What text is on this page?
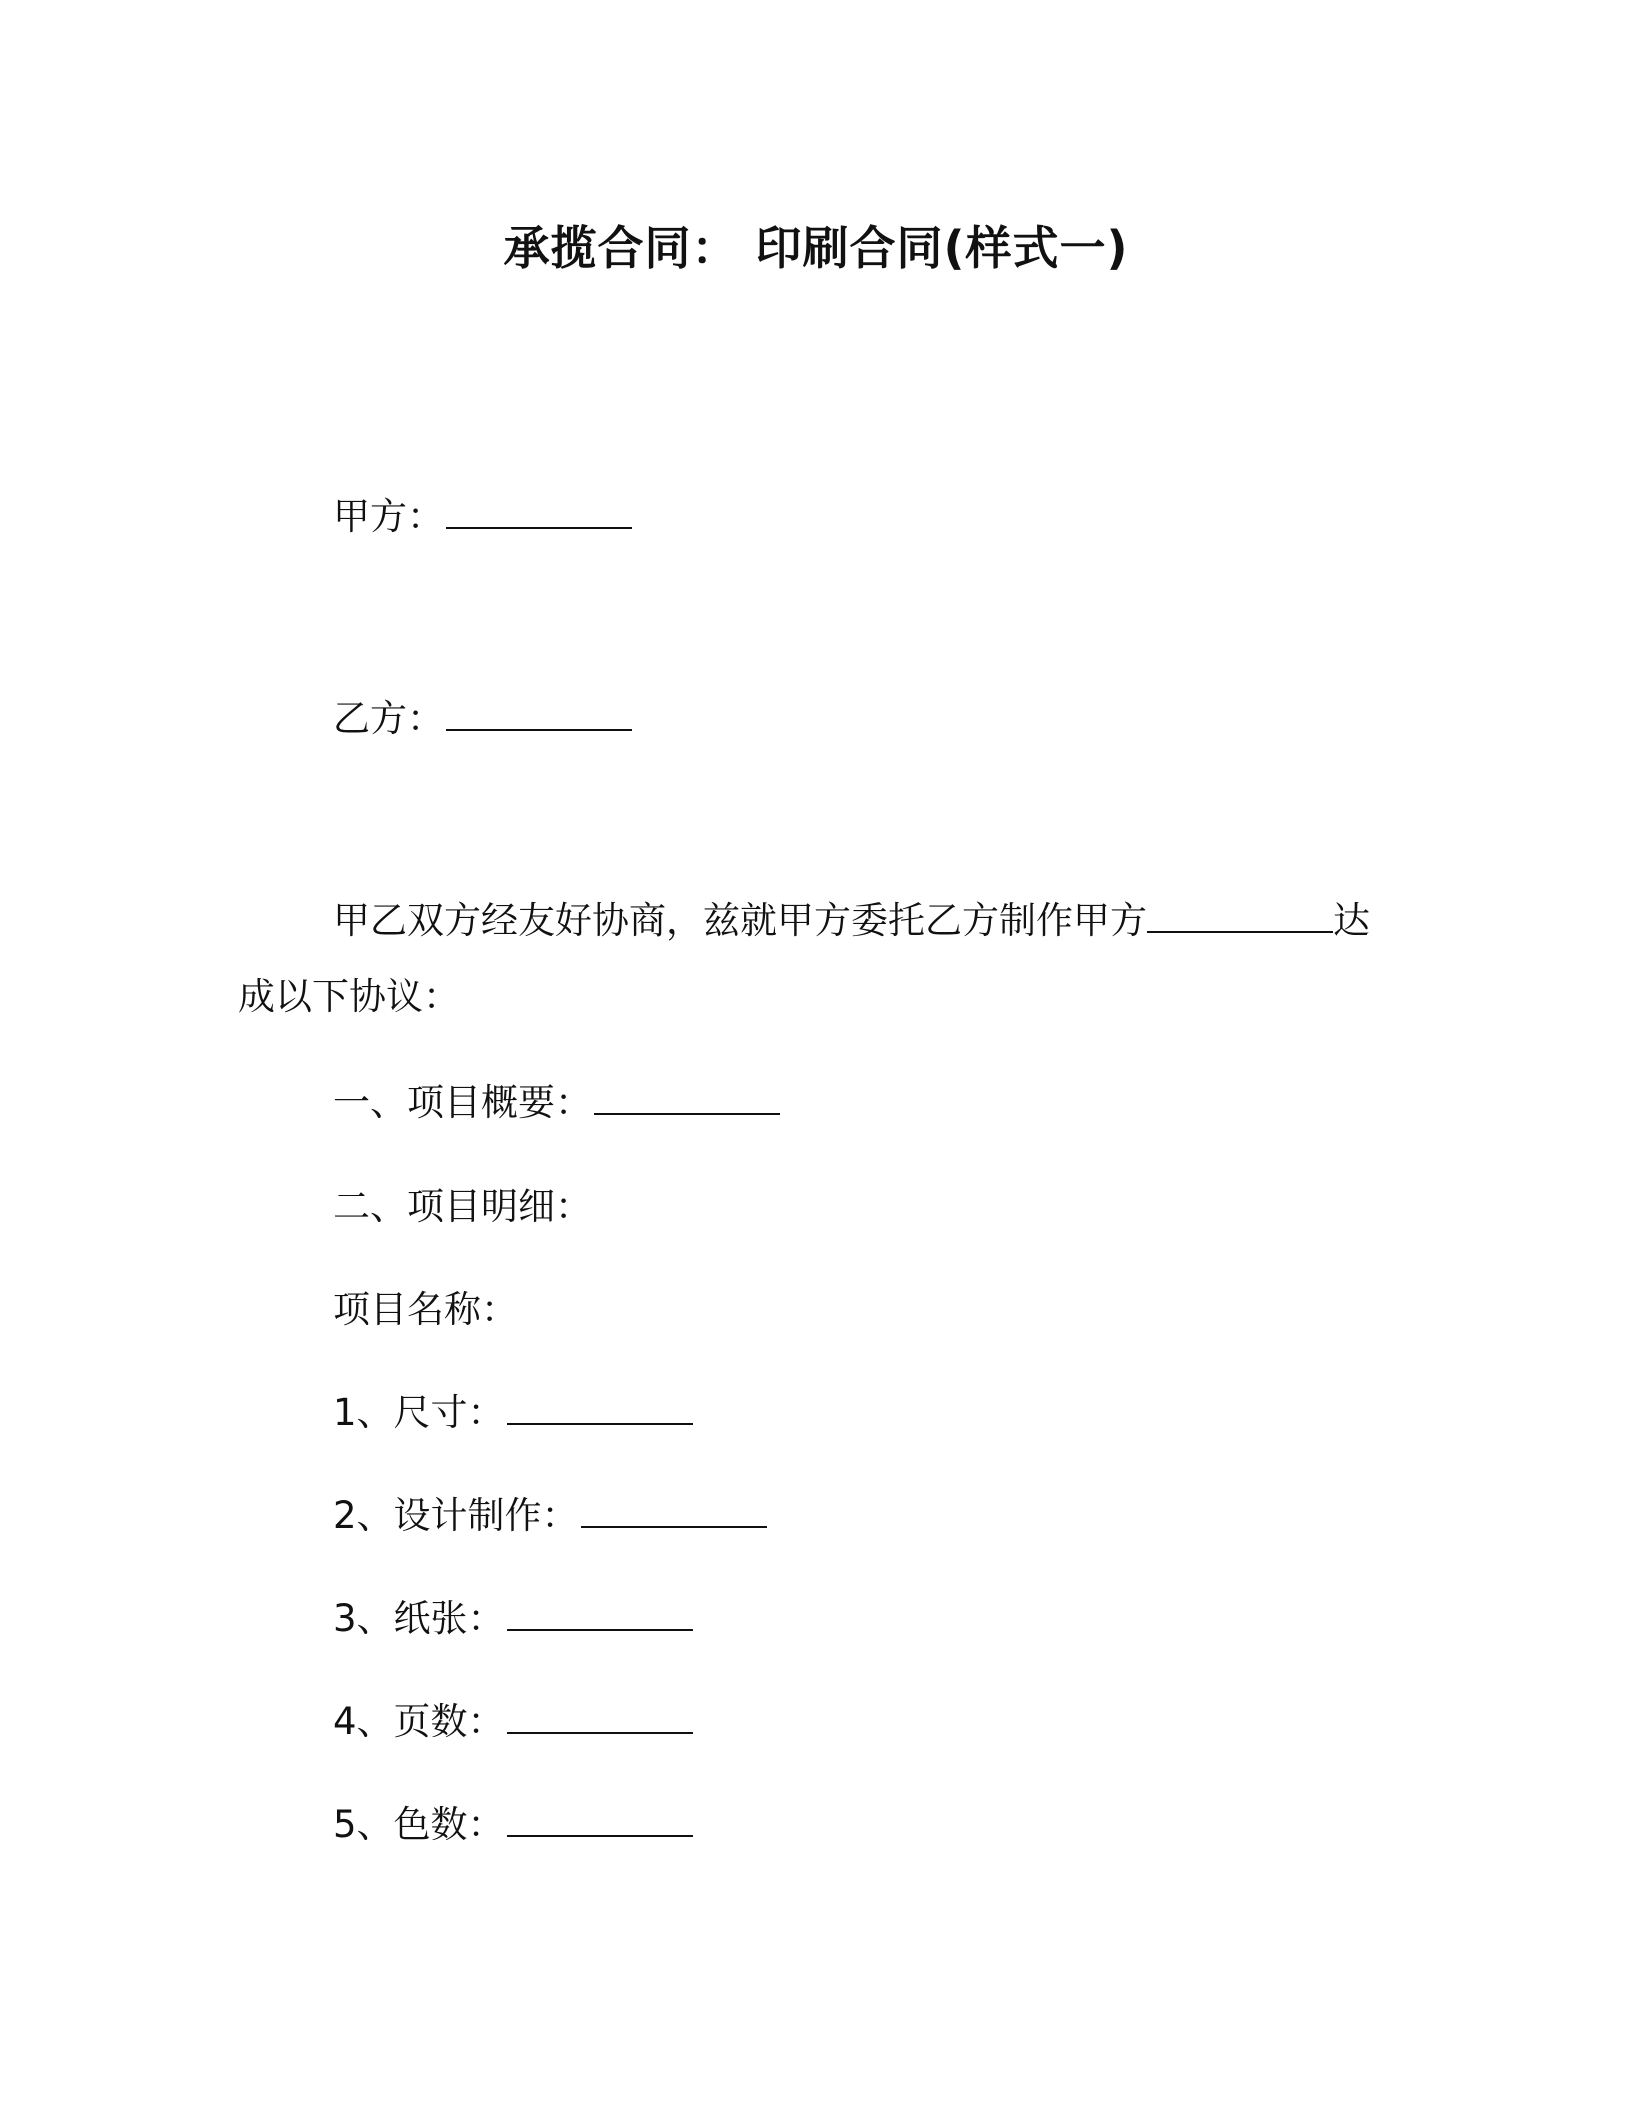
承揽合同： 印刷合同(样式一)
甲方：
乙方：
甲乙双方经友好协商，兹就甲方委托乙方制作甲方	达成以下协议：
一、项目概要：
二、项目明细：
项目名称：
1、尺寸：
2、设计制作：
3、纸张：
4、页数：
5、色数：
